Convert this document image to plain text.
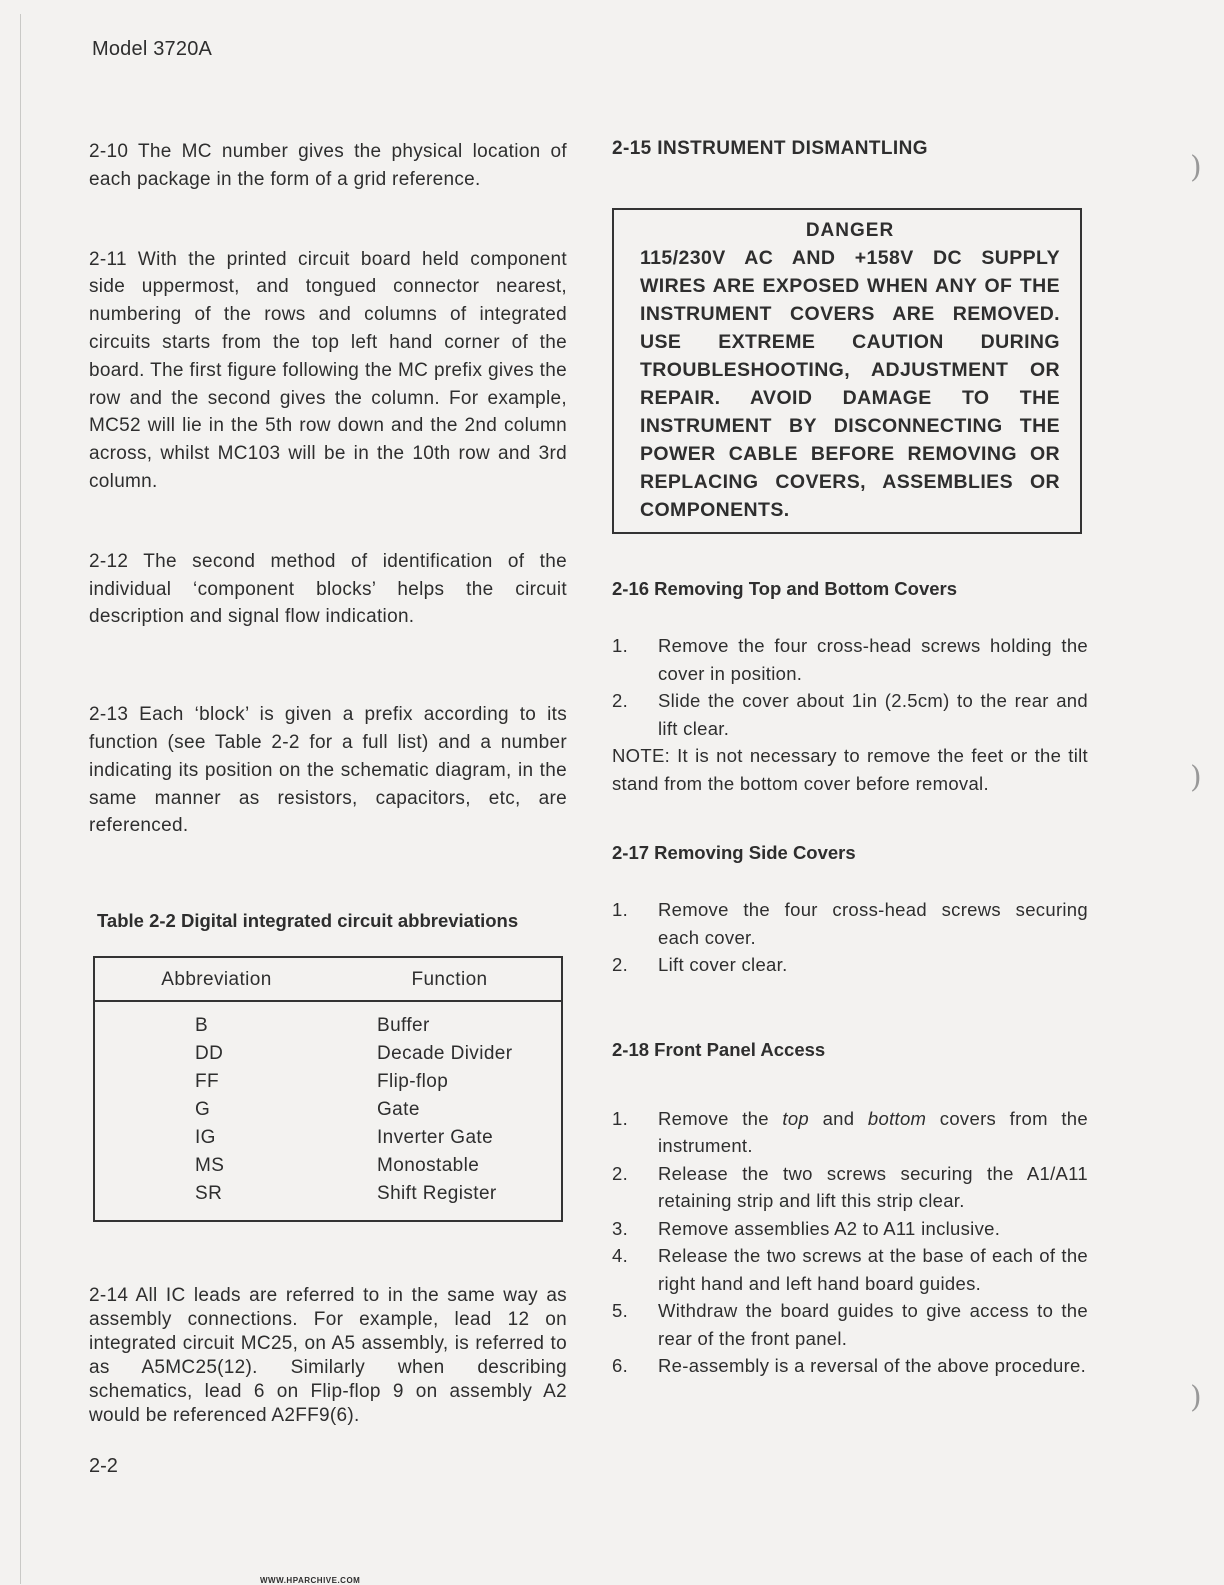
)
)
)
Model 3720A

2-10 The MC number gives the physical location of each package in the form of a grid reference.

2-11 With the printed circuit board held component side uppermost, and tongued connector nearest, numbering of the rows and columns of integrated circuits starts from the top left hand corner of the board. The first figure following the MC prefix gives the row and the second gives the column. For example, MC52 will lie in the 5th row down and the 2nd column across, whilst MC103 will be in the 10th row and 3rd column.

2-12 The second method of identification of the individual ‘component blocks’ helps the circuit description and signal flow indication.

2-13 Each ‘block’ is given a prefix according to its function (see Table 2-2 for a full list) and a number indicating its position on the schematic diagram, in the same manner as resistors, capacitors, etc, are referenced.

Table 2-2 Digital integrated circuit abbreviations
Abbreviation	Function
B	Buffer
DD	Decade Divider
FF	Flip-flop
G	Gate
IG	Inverter Gate
MS	Monostable
SR	Shift Register

2-14 All IC leads are referred to in the same way as assembly connections. For example, lead 12 on integrated circuit MC25, on A5 assembly, is referred to as A5MC25(12). Similarly when describing schematics, lead 6 on Flip-flop 9 on assembly A2 would be referenced A2FF9(6).

2-15 INSTRUMENT DISMANTLING
DANGER

115/230V AC AND +158V DC SUPPLY WIRES ARE EXPOSED WHEN ANY OF THE INSTRUMENT COVERS ARE REMOVED. USE EXTREME CAUTION DURING TROUBLESHOOTING, ADJUSTMENT OR REPAIR. AVOID DAMAGE TO THE INSTRUMENT BY DISCONNECTING THE POWER CABLE BEFORE REMOVING OR REPLACING COVERS, ASSEMBLIES OR COMPONENTS.

2-16 Removing Top and Bottom Covers
1. Remove the four cross-head screws holding the cover in position.
2. Slide the cover about 1in (2.5cm) to the rear and lift clear.

NOTE: It is not necessary to remove the feet or the tilt stand from the bottom cover before removal.

2-17 Removing Side Covers
1. Remove the four cross-head screws securing each cover.
2. Lift cover clear.
2-18 Front Panel Access
1. Remove the top and bottom covers from the instrument.
2. Release the two screws securing the A1/A11 retaining strip and lift this strip clear.
3. Remove assemblies A2 to A11 inclusive.
4. Release the two screws at the base of each of the right hand and left hand board guides.
5. Withdraw the board guides to give access to the rear of the front panel.
6. Re-assembly is a reversal of the above procedure.
2-2
WWW.HPARCHIVE.COM
